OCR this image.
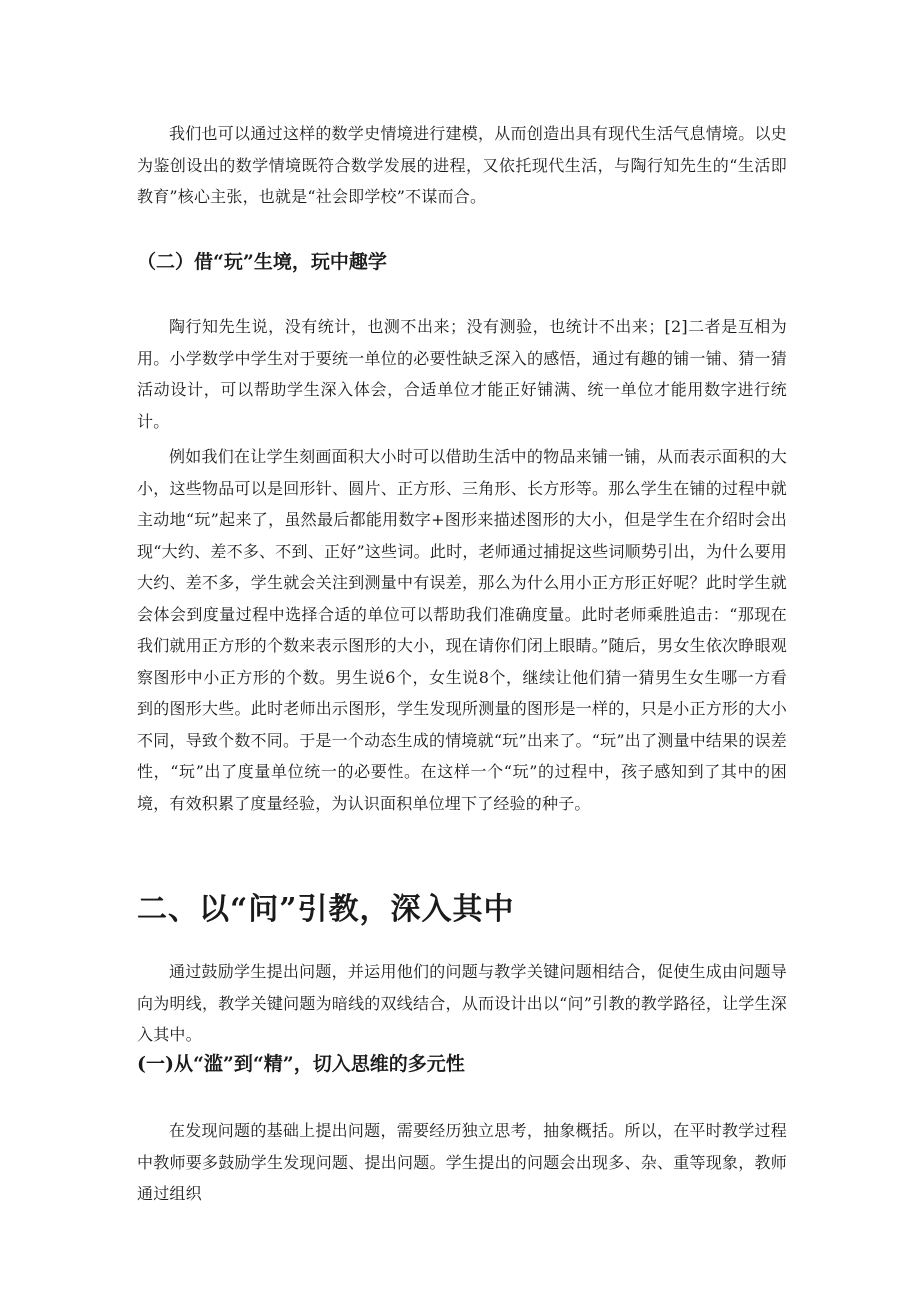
我们也可以通过这样的数学史情境进行建模，从而创造出具有现代生活气息情境。以史为鉴创设出的数学情境既符合数学发展的进程，又依托现代生活，与陶行知先生的“生活即教育”核心主张，也就是“社会即学校”不谋而合。

（二）借“玩”生境，玩中趣学

陶行知先生说，没有统计，也测不出来；没有测验，也统计不出来；[2]二者是互相为用。小学数学中学生对于要统一单位的必要性缺乏深入的感悟，通过有趣的铺一铺、猜一猜活动设计，可以帮助学生深入体会，合适单位才能正好铺满、统一单位才能用数字进行统计。

例如我们在让学生刻画面积大小时可以借助生活中的物品来铺一铺，从而表示面积的大小，这些物品可以是回形针、圆片、正方形、三角形、长方形等。那么学生在铺的过程中就主动地“玩”起来了，虽然最后都能用数字+图形来描述图形的大小，但是学生在介绍时会出现“大约、差不多、不到、正好”这些词。此时，老师通过捕捉这些词顺势引出，为什么要用大约、差不多，学生就会关注到测量中有误差，那么为什么用小正方形正好呢？此时学生就会体会到度量过程中选择合适的单位可以帮助我们准确度量。此时老师乘胜追击：“那现在我们就用正方形的个数来表示图形的大小，现在请你们闭上眼睛。”随后，男女生依次睁眼观察图形中小正方形的个数。男生说6个，女生说8个，继续让他们猜一猜男生女生哪一方看到的图形大些。此时老师出示图形，学生发现所测量的图形是一样的，只是小正方形的大小不同，导致个数不同。于是一个动态生成的情境就“玩”出来了。“玩”出了测量中结果的误差性，“玩”出了度量单位统一的必要性。在这样一个“玩”的过程中，孩子感知到了其中的困境，有效积累了度量经验，为认识面积单位埋下了经验的种子。

二、以“问”引教，深入其中

通过鼓励学生提出问题，并运用他们的问题与教学关键问题相结合，促使生成由问题导向为明线，教学关键问题为暗线的双线结合，从而设计出以“问”引教的教学路径，让学生深入其中。

(一)从“滥”到“精”，切入思维的多元性

在发现问题的基础上提出问题，需要经历独立思考，抽象概括。所以，在平时教学过程中教师要多鼓励学生发现问题、提出问题。学生提出的问题会出现多、杂、重等现象，教师通过组织
